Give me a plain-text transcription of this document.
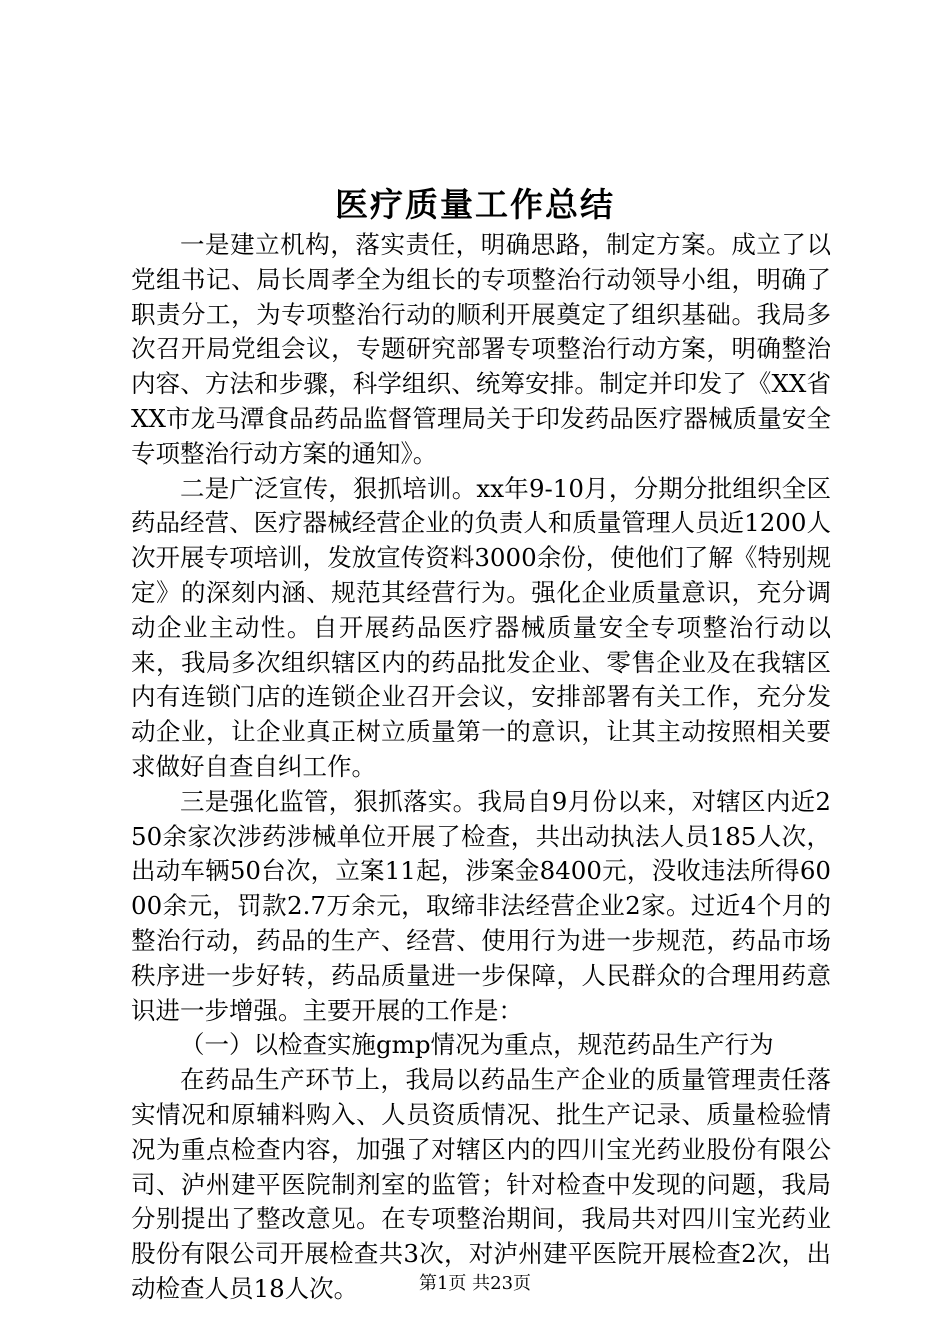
医疗质量工作总结

一是建立机构，落实责任，明确思路，制定方案。成立了以党组书记、局长周孝全为组长的专项整治行动领导小组，明确了职责分工，为专项整治行动的顺利开展奠定了组织基础。我局多次召开局党组会议，专题研究部署专项整治行动方案，明确整治内容、方法和步骤，科学组织、统筹安排。制定并印发了《XX省XX市龙马潭食品药品监督管理局关于印发药品医疗器械质量安全专项整治行动方案的通知》。

二是广泛宣传，狠抓培训。xx年9-10月，分期分批组织全区药品经营、医疗器械经营企业的负责人和质量管理人员近1200人次开展专项培训，发放宣传资料3000余份，使他们了解《特别规定》的深刻内涵、规范其经营行为。强化企业质量意识，充分调动企业主动性。自开展药品医疗器械质量安全专项整治行动以来，我局多次组织辖区内的药品批发企业、零售企业及在我辖区内有连锁门店的连锁企业召开会议，安排部署有关工作，充分发动企业，让企业真正树立质量第一的意识，让其主动按照相关要求做好自查自纠工作。

三是强化监管，狠抓落实。我局自9月份以来，对辖区内近250余家次涉药涉械单位开展了检查，共出动执法人员185人次，出动车辆50台次，立案11起，涉案金8400元，没收违法所得6000余元，罚款2.7万余元，取缔非法经营企业2家。过近4个月的整治行动，药品的生产、经营、使用行为进一步规范，药品市场秩序进一步好转，药品质量进一步保障，人民群众的合理用药意识进一步增强。主要开展的工作是：

（一）以检查实施gmp情况为重点，规范药品生产行为

在药品生产环节上，我局以药品生产企业的质量管理责任落实情况和原辅料购入、人员资质情况、批生产记录、质量检验情况为重点检查内容，加强了对辖区内的四川宝光药业股份有限公司、泸州建平医院制剂室的监管；针对检查中发现的问题，我局分别提出了整改意见。在专项整治期间，我局共对四川宝光药业股份有限公司开展检查共3次，对泸州建平医院开展检查2次，出动检查人员18人次。	第1页 共23页
